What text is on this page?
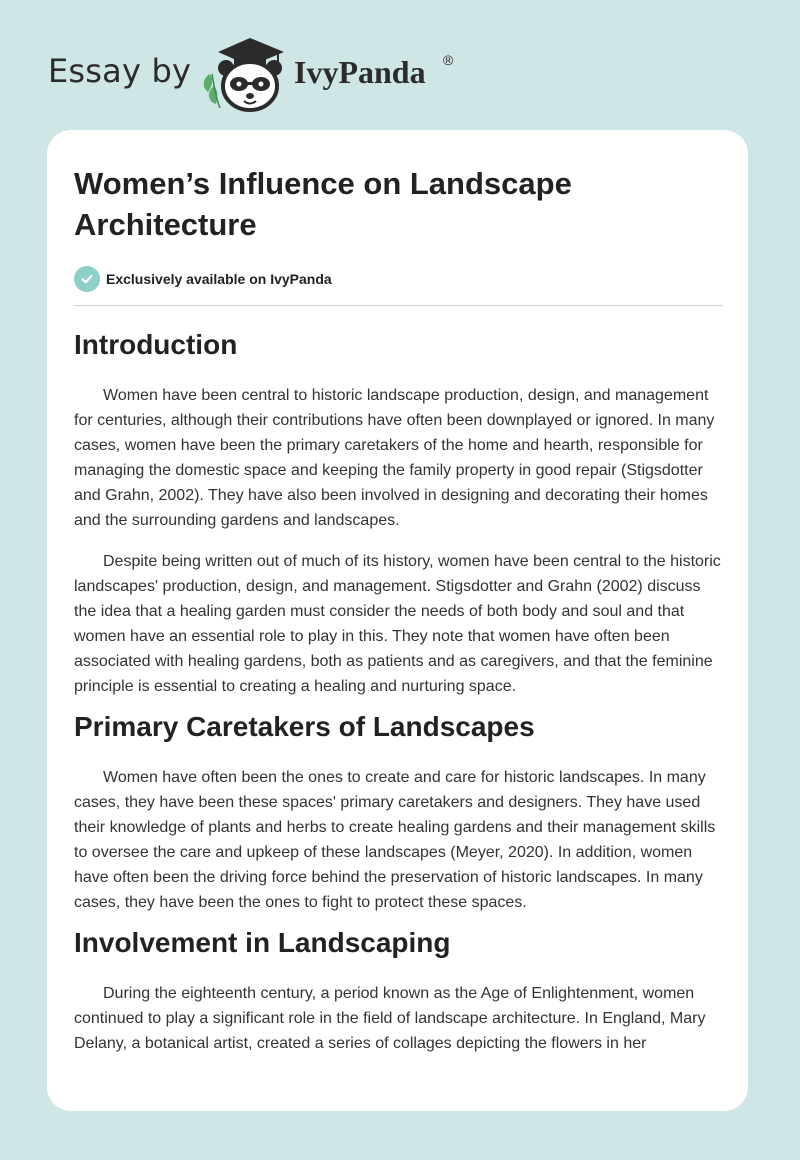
Essay by	IvyPanda ®
Women’s Influence on Landscape Architecture
Exclusively available on IvyPanda
Introduction

Women have been central to historic landscape production, design, and management for centuries, although their contributions have often been downplayed or ignored. In many cases, women have been the primary caretakers of the home and hearth, responsible for managing the domestic space and keeping the family property in good repair (Stigsdotter and Grahn, 2002). They have also been involved in designing and decorating their homes and the surrounding gardens and landscapes.

Despite being written out of much of its history, women have been central to the historic landscapes' production, design, and management. Stigsdotter and Grahn (2002) discuss the idea that a healing garden must consider the needs of both body and soul and that women have an essential role to play in this. They note that women have often been associated with healing gardens, both as patients and as caregivers, and that the feminine principle is essential to creating a healing and nurturing space.

Primary Caretakers of Landscapes

Women have often been the ones to create and care for historic landscapes. In many cases, they have been these spaces' primary caretakers and designers. They have used their knowledge of plants and herbs to create healing gardens and their management skills to oversee the care and upkeep of these landscapes (Meyer, 2020). In addition, women have often been the driving force behind the preservation of historic landscapes. In many cases, they have been the ones to fight to protect these spaces.

Involvement in Landscaping

During the eighteenth century, a period known as the Age of Enlightenment, women continued to play a significant role in the field of landscape architecture. In England, Mary Delany, a botanical artist, created a series of collages depicting the flowers in her
